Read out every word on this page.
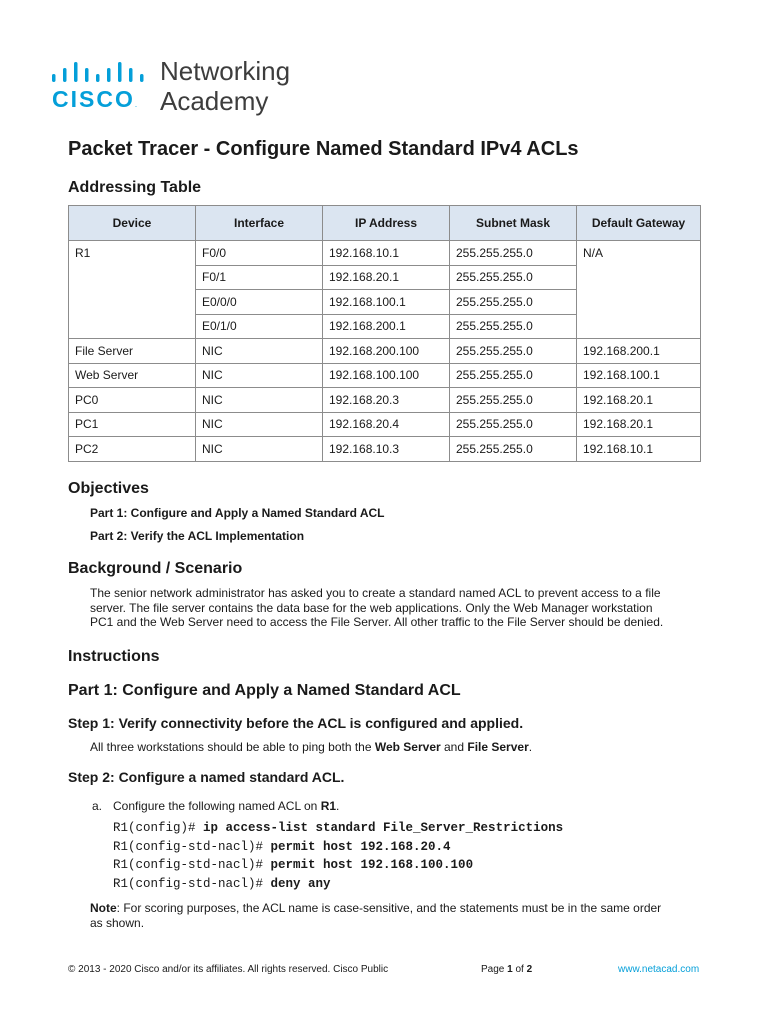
CISCO.
Networking
Academy
Packet Tracer - Configure Named Standard IPv4 ACLs
Addressing Table
Device	Interface	IP Address	Subnet Mask	Default Gateway
R1	F0/0	192.168.10.1	255.255.255.0	N/A
	F0/1	192.168.20.1	255.255.255.0	
	E0/0/0	192.168.100.1	255.255.255.0	
	E0/1/0	192.168.200.1	255.255.255.0	
File Server	NIC	192.168.200.100	255.255.255.0	192.168.200.1
Web Server	NIC	192.168.100.100	255.255.255.0	192.168.100.1
PC0	NIC	192.168.20.3	255.255.255.0	192.168.20.1
PC1	NIC	192.168.20.4	255.255.255.0	192.168.20.1
PC2	NIC	192.168.10.3	255.255.255.0	192.168.10.1
Objectives
Part 1: Configure and Apply a Named Standard ACL
Part 2: Verify the ACL Implementation
Background / Scenario
The senior network administrator has asked you to create a standard named ACL to prevent access to a file
server. The file server contains the data base for the web applications. Only the Web Manager workstation
PC1 and the Web Server need to access the File Server. All other traffic to the File Server should be denied.
Instructions
Part 1: Configure and Apply a Named Standard ACL
Step 1: Verify connectivity before the ACL is configured and applied.
All three workstations should be able to ping both the Web Server and File Server.
Step 2: Configure a named standard ACL.
a. Configure the following named ACL on R1.
R1(config)# ip access-list standard File_Server_Restrictions
R1(config-std-nacl)# permit host 192.168.20.4
R1(config-std-nacl)# permit host 192.168.100.100
R1(config-std-nacl)# deny any
Note: For scoring purposes, the ACL name is case-sensitive, and the statements must be in the same order
as shown.
© 2013 - 2020 Cisco and/or its affiliates. All rights reserved. Cisco Public	Page 1 of 2	www.netacad.com
